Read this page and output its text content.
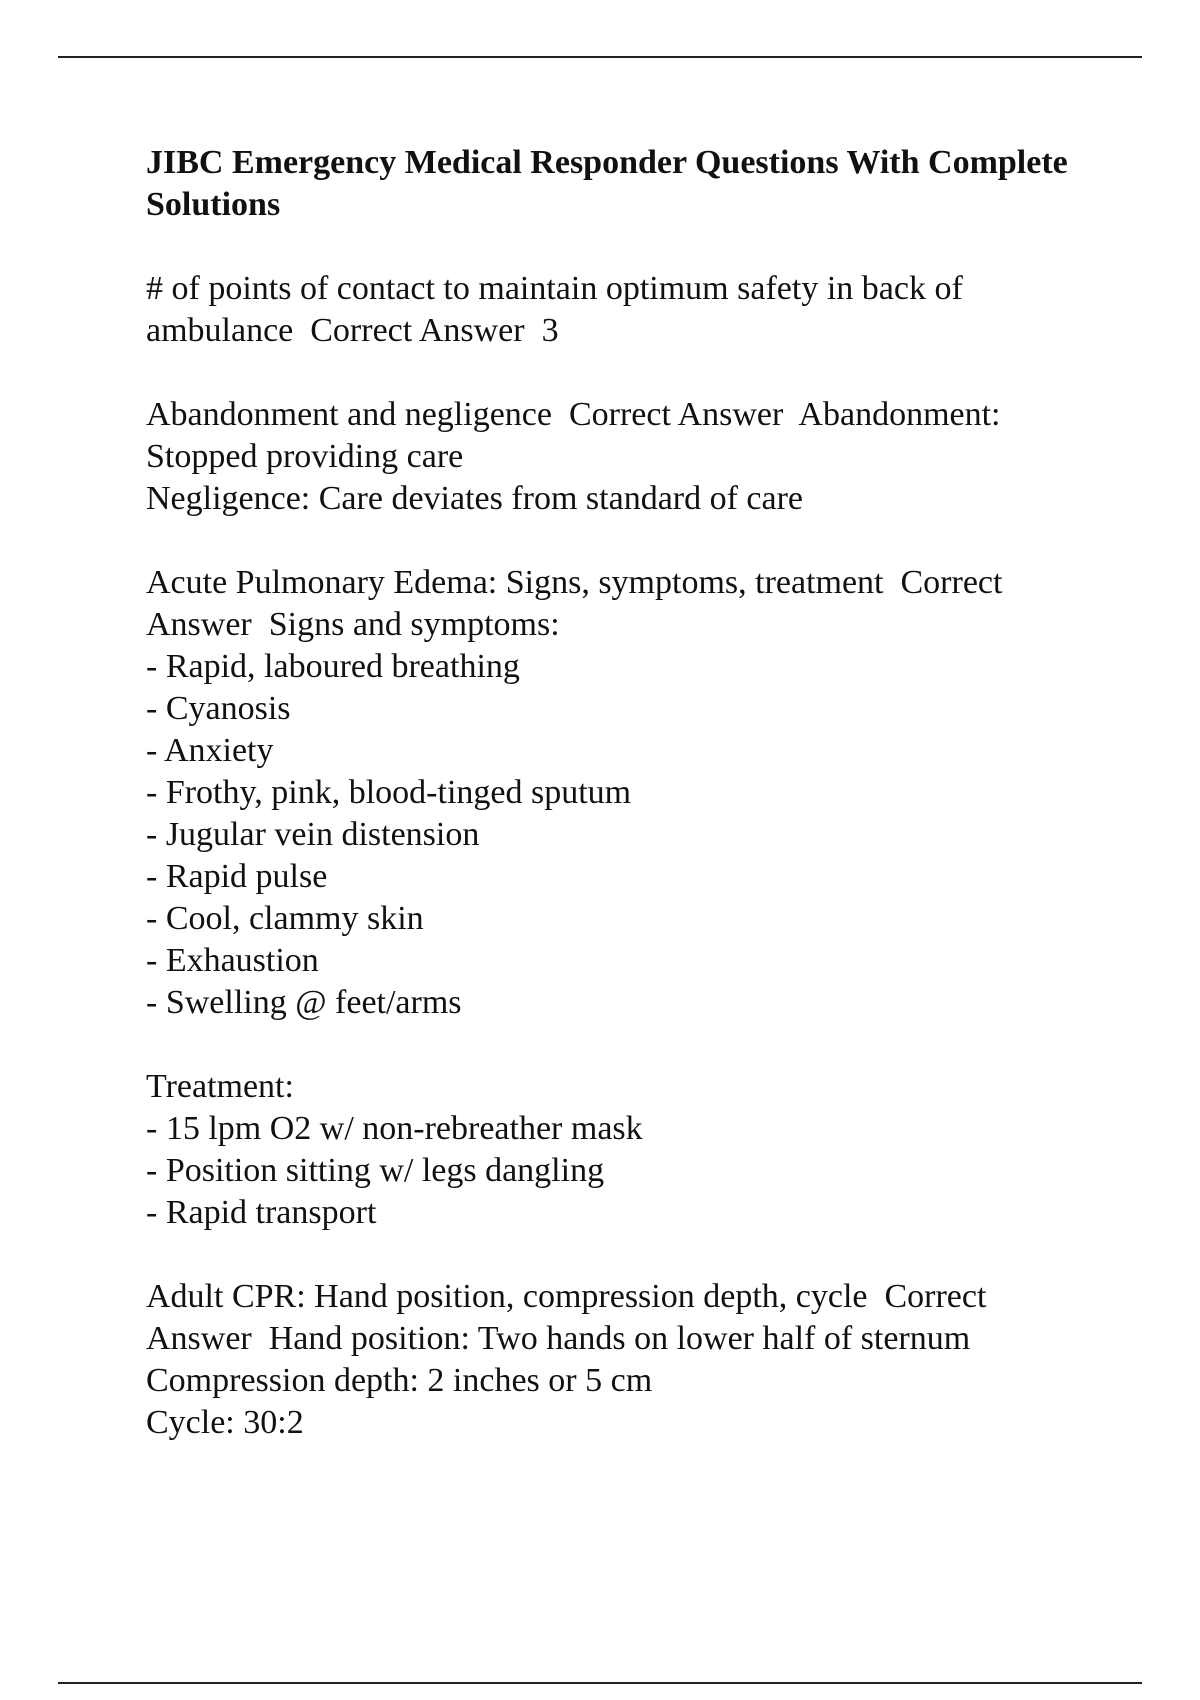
JIBC Emergency Medical Responder Questions With Complete Solutions
# of points of contact to maintain optimum safety in back of
ambulance  Correct Answer  3
Abandonment and negligence  Correct Answer  Abandonment:
Stopped providing care
Negligence: Care deviates from standard of care
Acute Pulmonary Edema: Signs, symptoms, treatment  Correct
Answer  Signs and symptoms:
- Rapid, laboured breathing
- Cyanosis
- Anxiety
- Frothy, pink, blood-tinged sputum
- Jugular vein distension
- Rapid pulse
- Cool, clammy skin
- Exhaustion
- Swelling @ feet/arms
Treatment:
- 15 lpm O2 w/ non-rebreather mask
- Position sitting w/ legs dangling
- Rapid transport
Adult CPR: Hand position, compression depth, cycle  Correct
Answer  Hand position: Two hands on lower half of sternum
Compression depth: 2 inches or 5 cm
Cycle: 30:2
